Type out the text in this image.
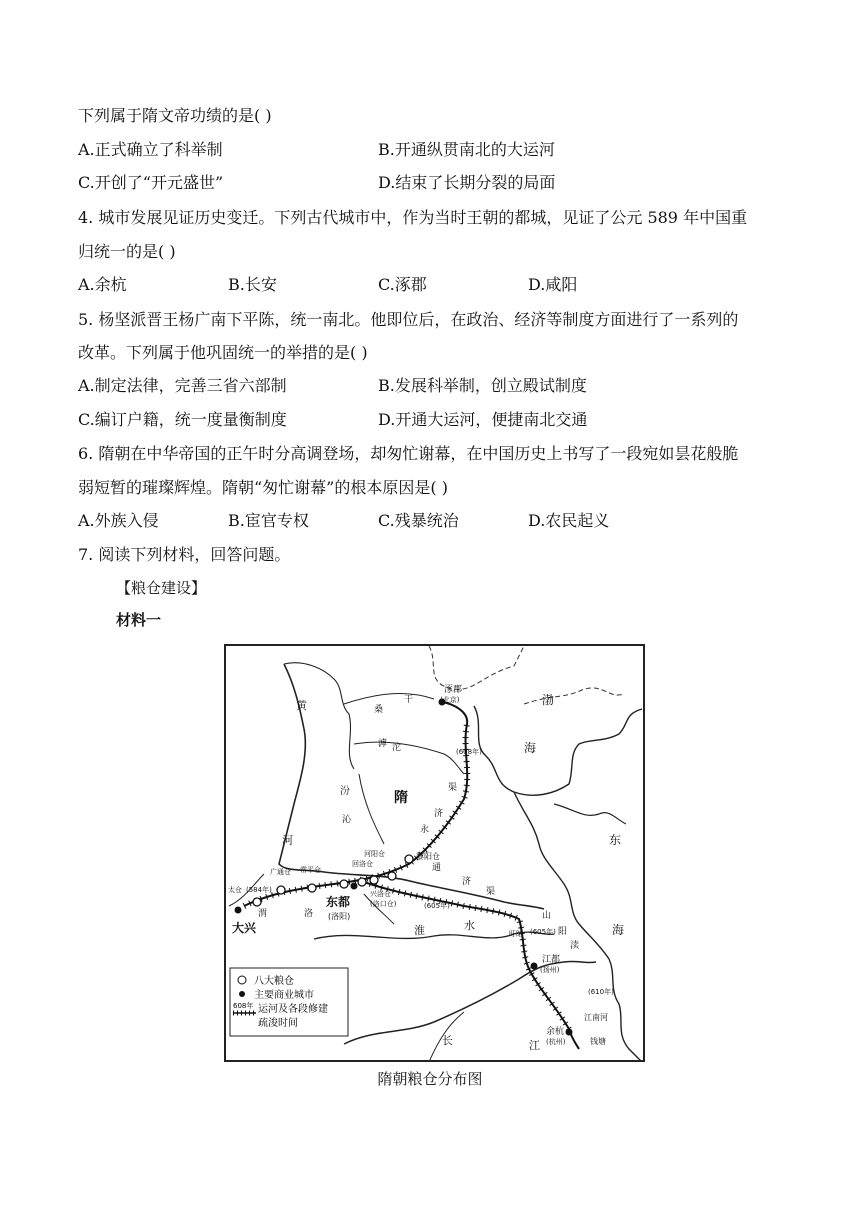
下列属于隋文帝功绩的是( )
A.正式确立了科举制	B.开通纵贯南北的大运河
C.开创了“开元盛世”	D.结束了长期分裂的局面
4. 城市发展见证历史变迁。下列古代城市中，作为当时王朝的都城，见证了公元 589 年中国重
归统一的是( )
A.余杭	B.长安	C.涿郡	D.咸阳
5. 杨坚派晋王杨广南下平陈，统一南北。他即位后，在政治、经济等制度方面进行了一系列的
改革。下列属于他巩固统一的举措的是( )
A.制定法律，完善三省六部制	B.发展科举制，创立殿试制度
C.编订户籍，统一度量衡制度	D.开通大运河，便捷南北交通
6. 隋朝在中华帝国的正午时分高调登场，却匆忙谢幕，在中国历史上书写了一段宛如昙花般脆
弱短暂的璀璨辉煌。隋朝“匆忙谢幕”的根本原因是( )
A.外族入侵	B.宦官专权	C.残暴统治	D.农民起义
7. 阅读下列材料，回答问题。
【粮仓建设】
材料一
八大粮仓
主要商业城市
608年 运河及各段修建
疏浚时间
隋
大兴
东都
(洛阳)
涿郡
(北京)
江都
(扬州)
余杭
(杭州)
黎阳仓
兴洛仓
(洛口仓)
回洛仓
河阳仓
常平仓
广通仓
太仓 (584年)
(605年)
(608年)
(610年)
(605年)
渤
海
东
海
黄
河
淮	水
长	江
永
济
渠
通
济
渠
山
阳
渎
江南河
滹 沱
桑
干
汾
沁
洛
渭
盱眙
钱塘
隋朝粮仓分布图
